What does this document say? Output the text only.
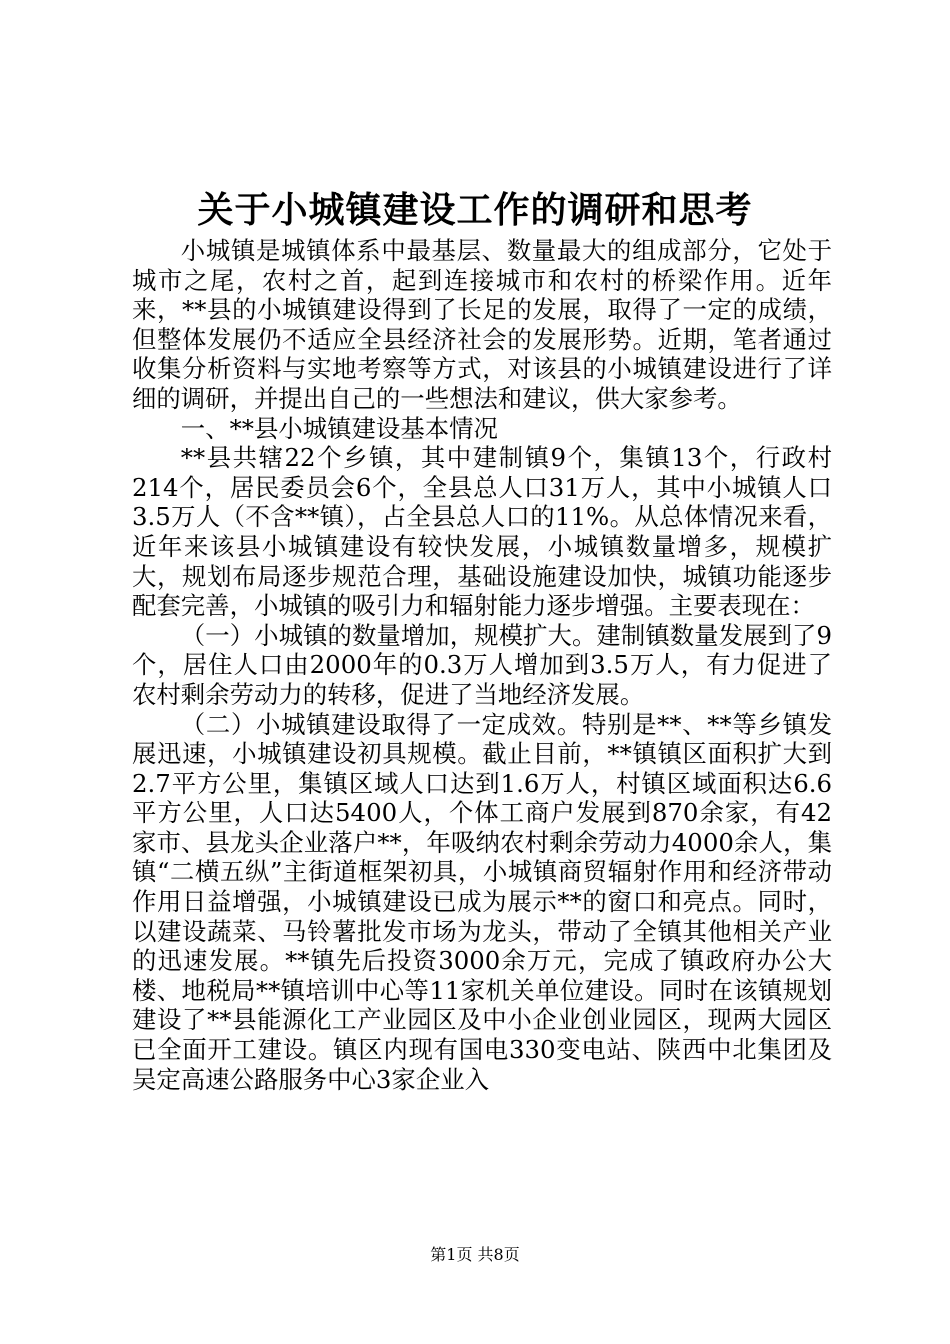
关于小城镇建设工作的调研和思考

小城镇是城镇体系中最基层、数量最大的组成部分，它处于城市之尾，农村之首，起到连接城市和农村的桥梁作用。近年来，**县的小城镇建设得到了长足的发展，取得了一定的成绩，但整体发展仍不适应全县经济社会的发展形势。近期，笔者通过收集分析资料与实地考察等方式，对该县的小城镇建设进行了详细的调研，并提出自己的一些想法和建议，供大家参考。

一、**县小城镇建设基本情况

**县共辖22个乡镇，其中建制镇9个，集镇13个，行政村214个，居民委员会6个，全县总人口31万人，其中小城镇人口3.5万人（不含**镇），占全县总人口的11%。从总体情况来看，近年来该县小城镇建设有较快发展，小城镇数量增多，规模扩大，规划布局逐步规范合理，基础设施建设加快，城镇功能逐步配套完善，小城镇的吸引力和辐射能力逐步增强。主要表现在：

（一）小城镇的数量增加，规模扩大。建制镇数量发展到了9个，居住人口由2000年的0.3万人增加到3.5万人，有力促进了农村剩余劳动力的转移，促进了当地经济发展。

（二）小城镇建设取得了一定成效。特别是**、**等乡镇发展迅速，小城镇建设初具规模。截止目前，**镇镇区面积扩大到2.7平方公里，集镇区域人口达到1.6万人，村镇区域面积达6.6平方公里，人口达5400人，个体工商户发展到870余家，有42家市、县龙头企业落户**，年吸纳农村剩余劳动力4000余人，集镇“二横五纵”主街道框架初具，小城镇商贸辐射作用和经济带动作用日益增强，小城镇建设已成为展示**的窗口和亮点。同时，以建设蔬菜、马铃薯批发市场为龙头，带动了全镇其他相关产业的迅速发展。**镇先后投资3000余万元，完成了镇政府办公大楼、地税局**镇培训中心等11家机关单位建设。同时在该镇规划建设了**县能源化工产业园区及中小企业创业园区，现两大园区已全面开工建设。镇区内现有国电330变电站、陕西中北集团及吴定高速公路服务中心3家企业入

第1页 共8页
